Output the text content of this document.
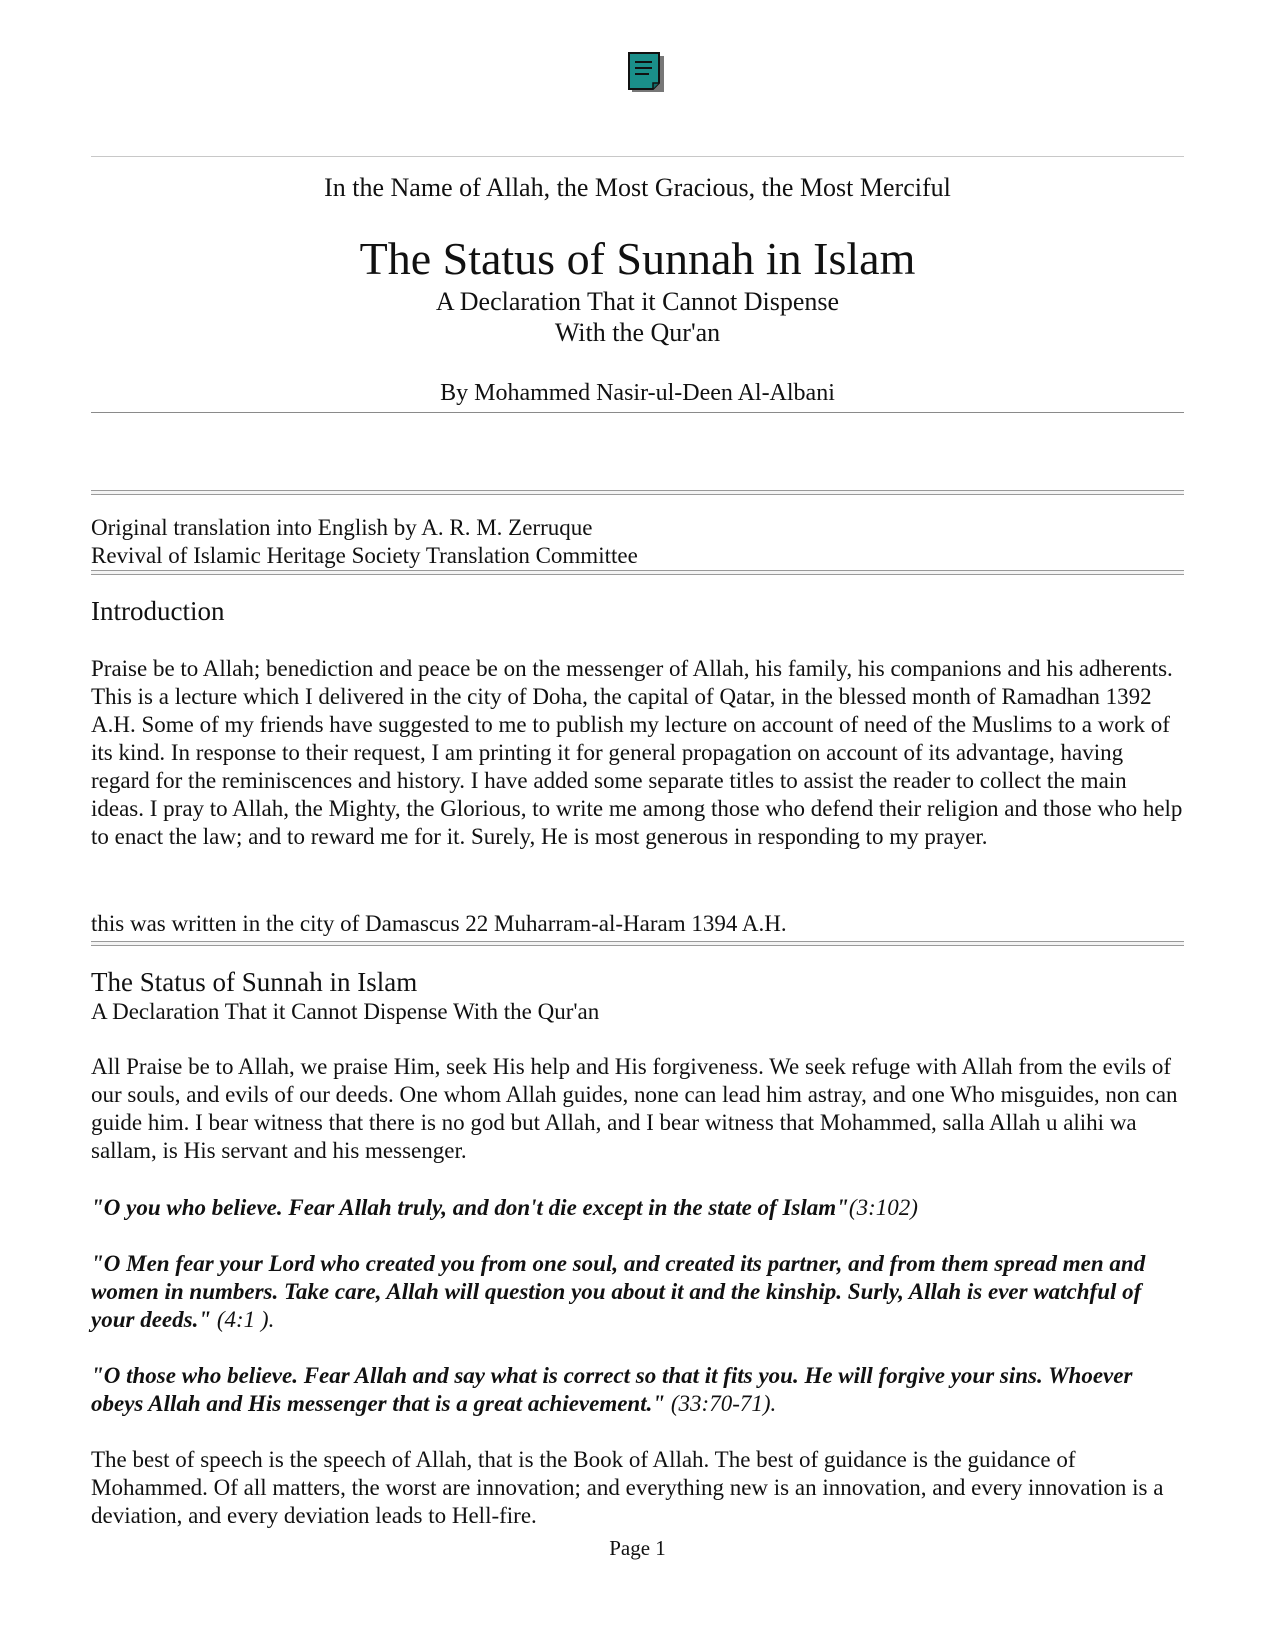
In the Name of Allah, the Most Gracious, the Most Merciful
The Status of Sunnah in Islam
A Declaration That it Cannot Dispense
With the Qur'an
By Mohammed Nasir-ul-Deen Al-Albani
Original translation into English by A. R. M. Zerruque
Revival of Islamic Heritage Society Translation Committee
Introduction

Praise be to Allah; benediction and peace be on the messenger of Allah, his family, his companions and his adherents. This is a lecture which I delivered in the city of Doha, the capital of Qatar, in the blessed month of Ramadhan 1392 A.H. Some of my friends have suggested to me to publish my lecture on account of need of the Muslims to a work of its kind. In response to their request, I am printing it for general propagation on account of its advantage, having regard for the reminiscences and history. I have added some separate titles to assist the reader to collect the main ideas. I pray to Allah, the Mighty, the Glorious, to write me among those who defend their religion and those who help to enact the law; and to reward me for it. Surely, He is most generous in responding to my prayer.

this was written in the city of Damascus 22 Muharram-al-Haram 1394 A.H.

The Status of Sunnah in Islam
A Declaration That it Cannot Dispense With the Qur'an

All Praise be to Allah, we praise Him, seek His help and His forgiveness. We seek refuge with Allah from the evils of our souls, and evils of our deeds. One whom Allah guides, none can lead him astray, and one Who misguides, non can guide him. I bear witness that there is no god but Allah, and I bear witness that Mohammed, salla Allah u alihi wa sallam, is His servant and his messenger.

"O you who believe. Fear Allah truly, and don't die except in the state of Islam"(3:102)

"O Men fear your Lord who created you from one soul, and created its partner, and from them spread men and women in numbers. Take care, Allah will question you about it and the kinship. Surly, Allah is ever watchful of your deeds." (4:1 ).

"O those who believe. Fear Allah and say what is correct so that it fits you. He will forgive your sins. Whoever obeys Allah and His messenger that is a great achievement." (33:70-71).

The best of speech is the speech of Allah, that is the Book of Allah. The best of guidance is the guidance of Mohammed. Of all matters, the worst are innovation; and everything new is an innovation, and every innovation is a deviation, and every deviation leads to Hell-fire.

Page 1
